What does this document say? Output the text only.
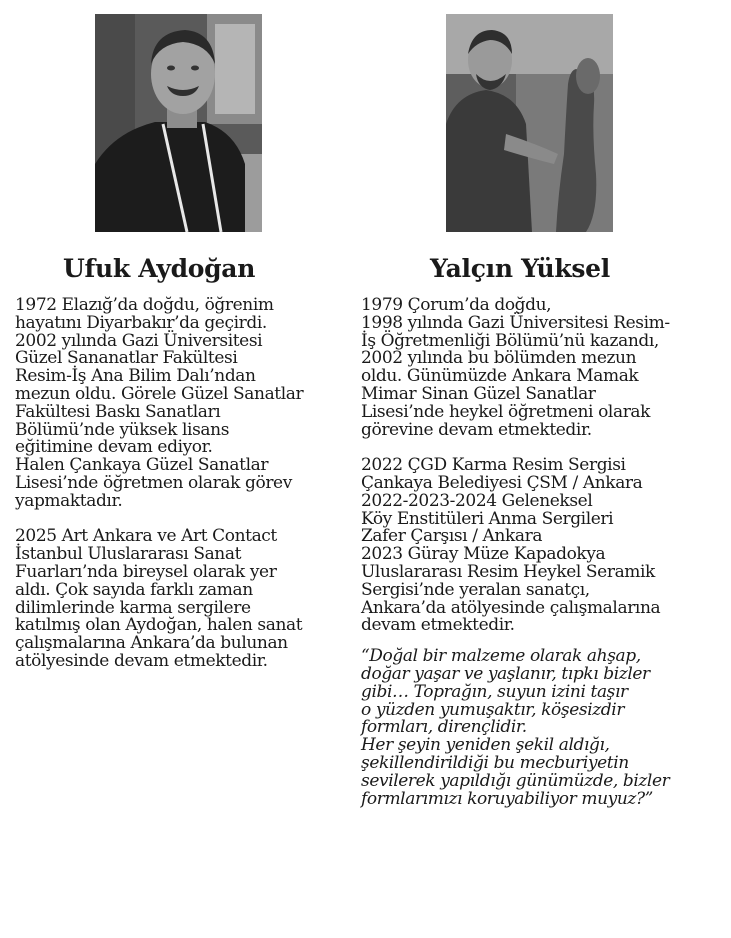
Ufuk Aydoğan	Yalçın Yüksel

1972 Elazığ’da doğdu, öğrenim

hayatını Diyarbakır’da geçirdi.

2002 yılında Gazi Üniversitesi

Güzel Sananatlar Fakültesi

Resim-İş Ana Bilim Dalı’ndan

mezun oldu. Görele Güzel Sanatlar

Fakültesi Baskı Sanatları

Bölümü’nde yüksek lisans

eğitimine devam ediyor.

Halen Çankaya Güzel Sanatlar

Lisesi’nde öğretmen olarak görev

yapmaktadır.

2025 Art Ankara ve Art Contact

İstanbul Uluslararası Sanat

Fuarları’nda bireysel olarak yer

aldı. Çok sayıda farklı zaman

dilimlerinde karma sergilere

katılmış olan Aydoğan, halen sanat

çalışmalarına Ankara’da bulunan

atölyesinde devam etmektedir.

1979 Çorum’da doğdu,

1998 yılında Gazi Üniversitesi Resim-

İş Öğretmenliği Bölümü’nü kazandı,

2002 yılında bu bölümden mezun

oldu. Günümüzde Ankara Mamak

Mimar Sinan Güzel Sanatlar

Lisesi’nde heykel öğretmeni olarak

görevine devam etmektedir.

2022 ÇGD Karma Resim Sergisi

Çankaya Belediyesi ÇSM / Ankara

2022-2023-2024 Geleneksel

Köy Enstitüleri Anma Sergileri

Zafer Çarşısı / Ankara

2023 Güray Müze Kapadokya

Uluslararası Resim Heykel Seramik

Sergisi’nde yeralan sanatçı,

Ankara’da atölyesinde çalışmalarına

devam etmektedir.

“Doğal bir malzeme olarak ahşap,

doğar yaşar ve yaşlanır, tıpkı bizler

gibi… Toprağın, suyun izini taşır

o yüzden yumuşaktır, köşesizdir

formları, dirençlidir.

Her şeyin yeniden şekil aldığı,

şekillendirildiği bu mecburiyetin

sevilerek yapıldığı günümüzde, bizler

formlarımızı koruyabiliyor muyuz?”
